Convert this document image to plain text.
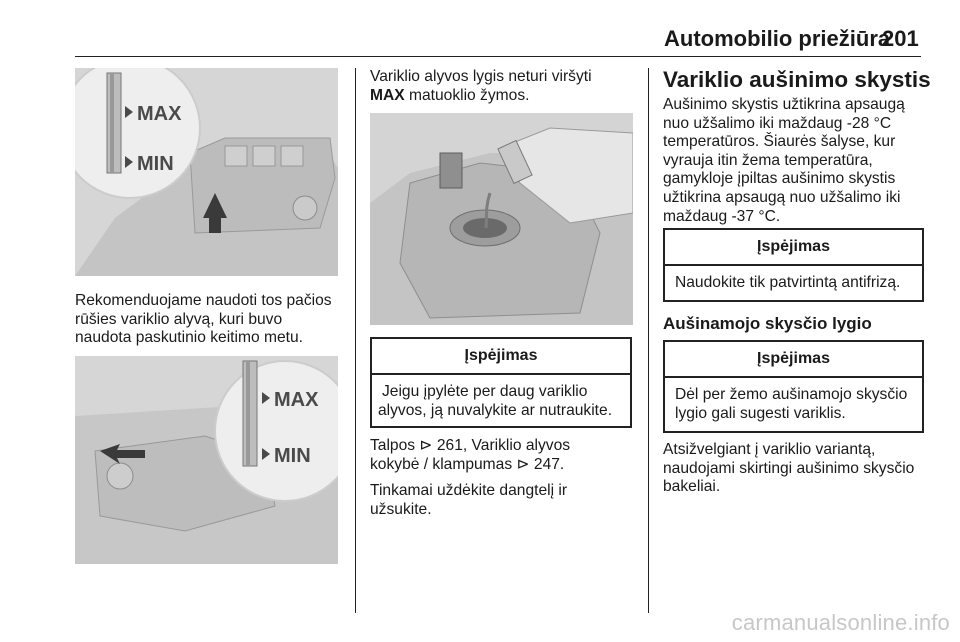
Automobilio priežiūra
201
MAX
MIN
Rekomenduojame naudoti tos pačios
rūšies variklio alyvą, kuri buvo
naudota paskutinio keitimo metu.
MAX
MIN
Variklio alyvos lygis neturi viršyti
MAX matuoklio žymos.
Įspėjimas
Jeigu įpylėte per daug variklio
alyvos, ją nuvalykite ar nutraukite.
Talpos ⊳ 261, Variklio alyvos
kokybė / klampumas ⊳ 247.
Tinkamai uždėkite dangtelį ir
užsukite.
Variklio aušinimo skystis
Aušinimo skystis užtikrina apsaugą
nuo užšalimo iki maždaug -28 °C
temperatūros. Šiaurės šalyse, kur
vyrauja itin žema temperatūra,
gamykloje įpiltas aušinimo skystis
užtikrina apsaugą nuo užšalimo iki
maždaug -37 °C.
Įspėjimas
Naudokite tik patvirtintą antifrizą.
Aušinamojo skysčio lygio
Įspėjimas
Dėl per žemo aušinamojo skysčio
lygio gali sugesti variklis.
Atsižvelgiant į variklio variantą,
naudojami skirtingi aušinimo skysčio
bakeliai.
carmanualsonline.info
